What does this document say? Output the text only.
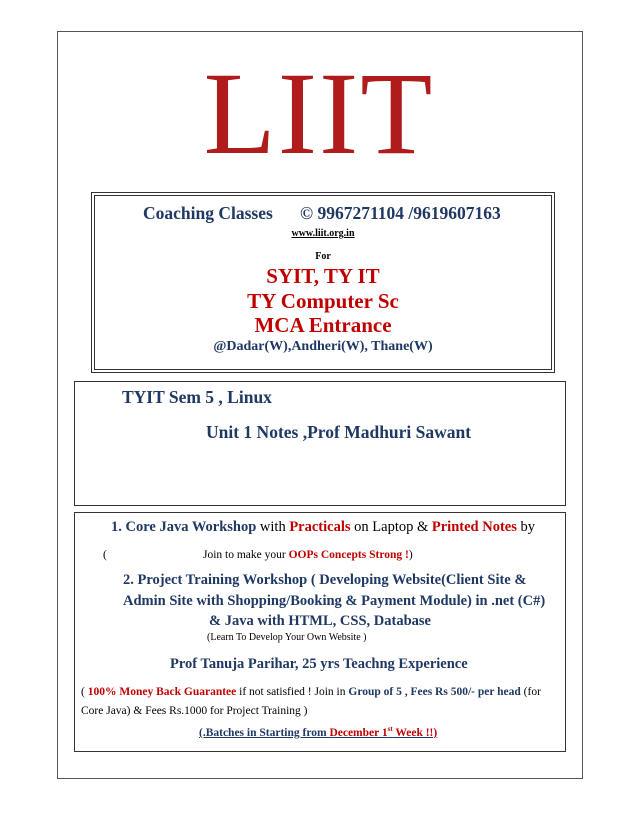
LIIT
Coaching Classes © 9967271104 /9619607163
www.liit.org.in
For
SYIT, TY IT
TY Computer Sc
MCA Entrance
@Dadar(W),Andheri(W), Thane(W)
TYIT Sem 5 , Linux
Unit 1 Notes ,Prof Madhuri Sawant
1. Core Java Workshop with Practicals on Laptop & Printed Notes by
(	Join to make your OOPs Concepts Strong !)
2. Project Training Workshop ( Developing Website(Client Site &
Admin Site with Shopping/Booking & Payment Module) in .net (C#)
& Java with HTML, CSS, Database
(Learn To Develop Your Own Website )
Prof Tanuja Parihar, 25 yrs Teachng Experience
( 100% Money Back Guarantee if not satisfied ! Join in Group of 5 , Fees Rs 500/- per head (for Core Java) & Fees Rs.1000 for Project Training )
(.Batches in Starting from December 1st Week !!)
